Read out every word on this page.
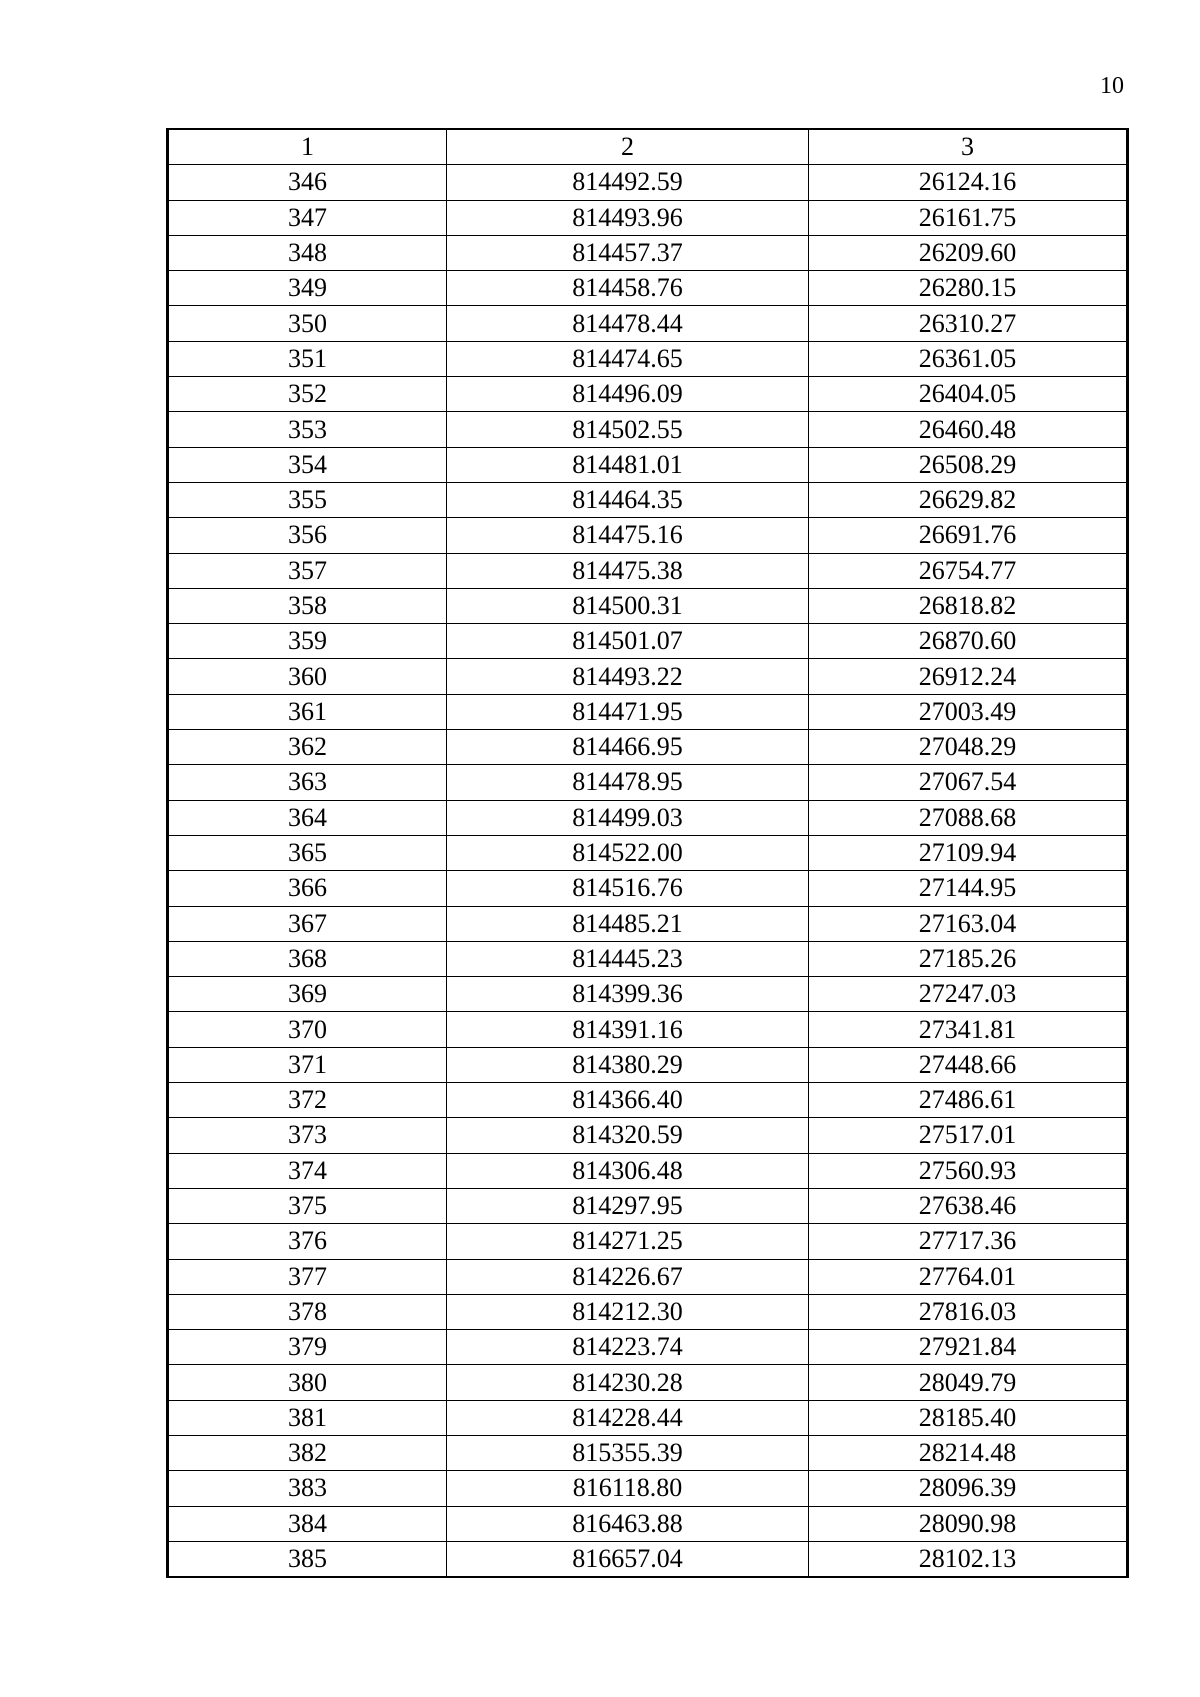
10
1	2	3
346	814492.59	26124.16
347	814493.96	26161.75
348	814457.37	26209.60
349	814458.76	26280.15
350	814478.44	26310.27
351	814474.65	26361.05
352	814496.09	26404.05
353	814502.55	26460.48
354	814481.01	26508.29
355	814464.35	26629.82
356	814475.16	26691.76
357	814475.38	26754.77
358	814500.31	26818.82
359	814501.07	26870.60
360	814493.22	26912.24
361	814471.95	27003.49
362	814466.95	27048.29
363	814478.95	27067.54
364	814499.03	27088.68
365	814522.00	27109.94
366	814516.76	27144.95
367	814485.21	27163.04
368	814445.23	27185.26
369	814399.36	27247.03
370	814391.16	27341.81
371	814380.29	27448.66
372	814366.40	27486.61
373	814320.59	27517.01
374	814306.48	27560.93
375	814297.95	27638.46
376	814271.25	27717.36
377	814226.67	27764.01
378	814212.30	27816.03
379	814223.74	27921.84
380	814230.28	28049.79
381	814228.44	28185.40
382	815355.39	28214.48
383	816118.80	28096.39
384	816463.88	28090.98
385	816657.04	28102.13
